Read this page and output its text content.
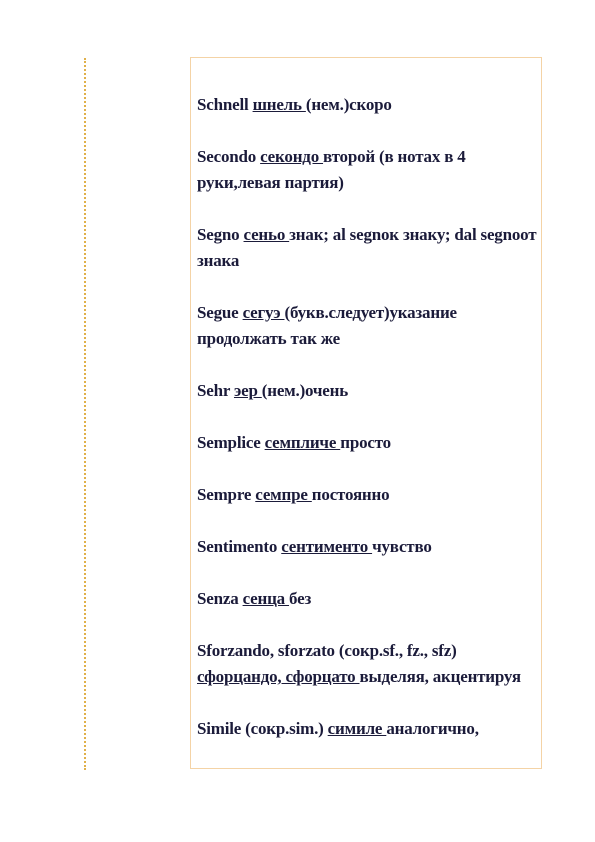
Schnell шнель (нем.)скоро
Secondo секондо второй (в нотах в 4 руки,левая партия)
Segno сеньо знак; al segnoк знаку; dal segnoот знака
Segue сегуэ (букв.следует)указание продолжать так же
Sehr эер (нем.)очень
Semplice семпличе просто
Sempre семпре постоянно
Sentimento сентименто чувство
Senza сенца без
Sforzando, sforzato (сокр.sf., fz., sfz) сфорцандо, сфорцато выделяя, акцентируя
Simile (сокр.sim.) симиле аналогично,
